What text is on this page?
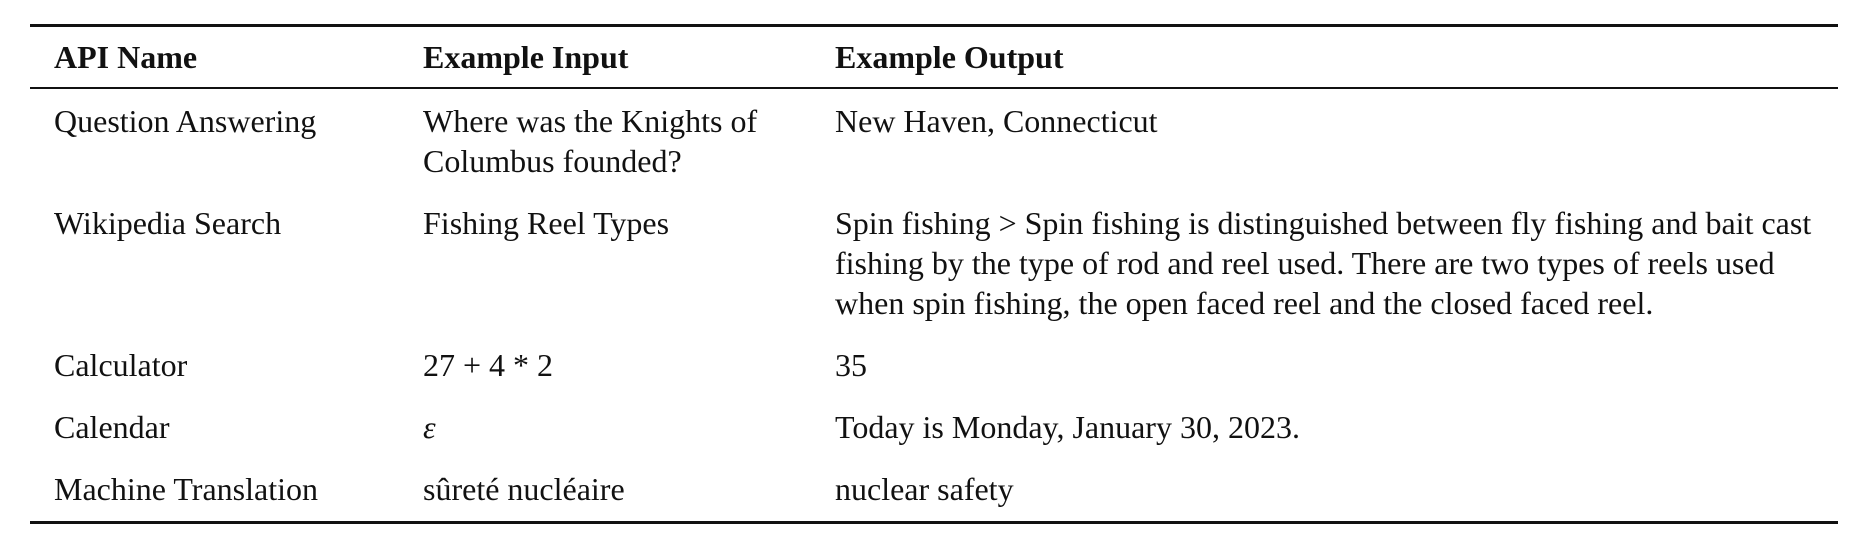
API Name	Example Input	Example Output
Question Answering	Where was the Knights of Columbus founded?	New Haven, Connecticut
Wikipedia Search	Fishing Reel Types	Spin fishing > Spin fishing is distinguished between fly fishing and bait cast fishing by the type of rod and reel used. There are two types of reels used when spin fishing, the open faced reel and the closed faced reel.
Calculator	27 + 4 * 2	35
Calendar	ε	Today is Monday, January 30, 2023.
Machine Translation	sûreté nucléaire	nuclear safety
